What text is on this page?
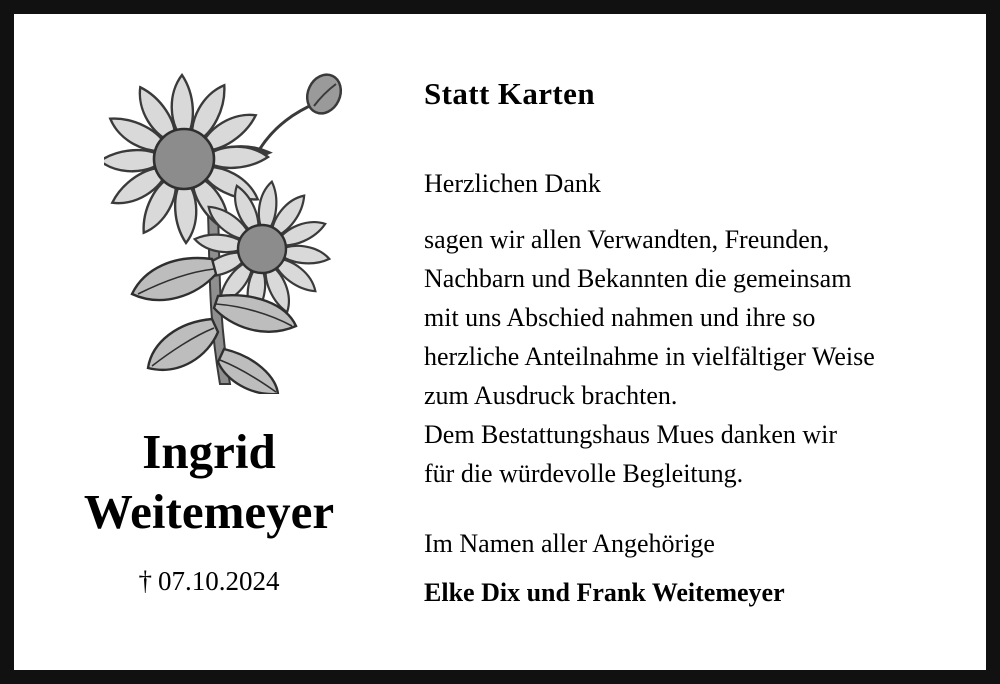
Ingrid
Weitemeyer
† 07.10.2024
Statt Karten
Herzlichen Dank

sagen wir allen Verwandten, Freunden,

Nachbarn und Bekannten die gemeinsam

mit uns Abschied nahmen und ihre so

herzliche Anteilnahme in vielfältiger Weise

zum Ausdruck brachten.

Dem Bestattungshaus Mues danken wir

für die würdevolle Begleitung.

Im Namen aller Angehörige
Elke Dix und Frank Weitemeyer
